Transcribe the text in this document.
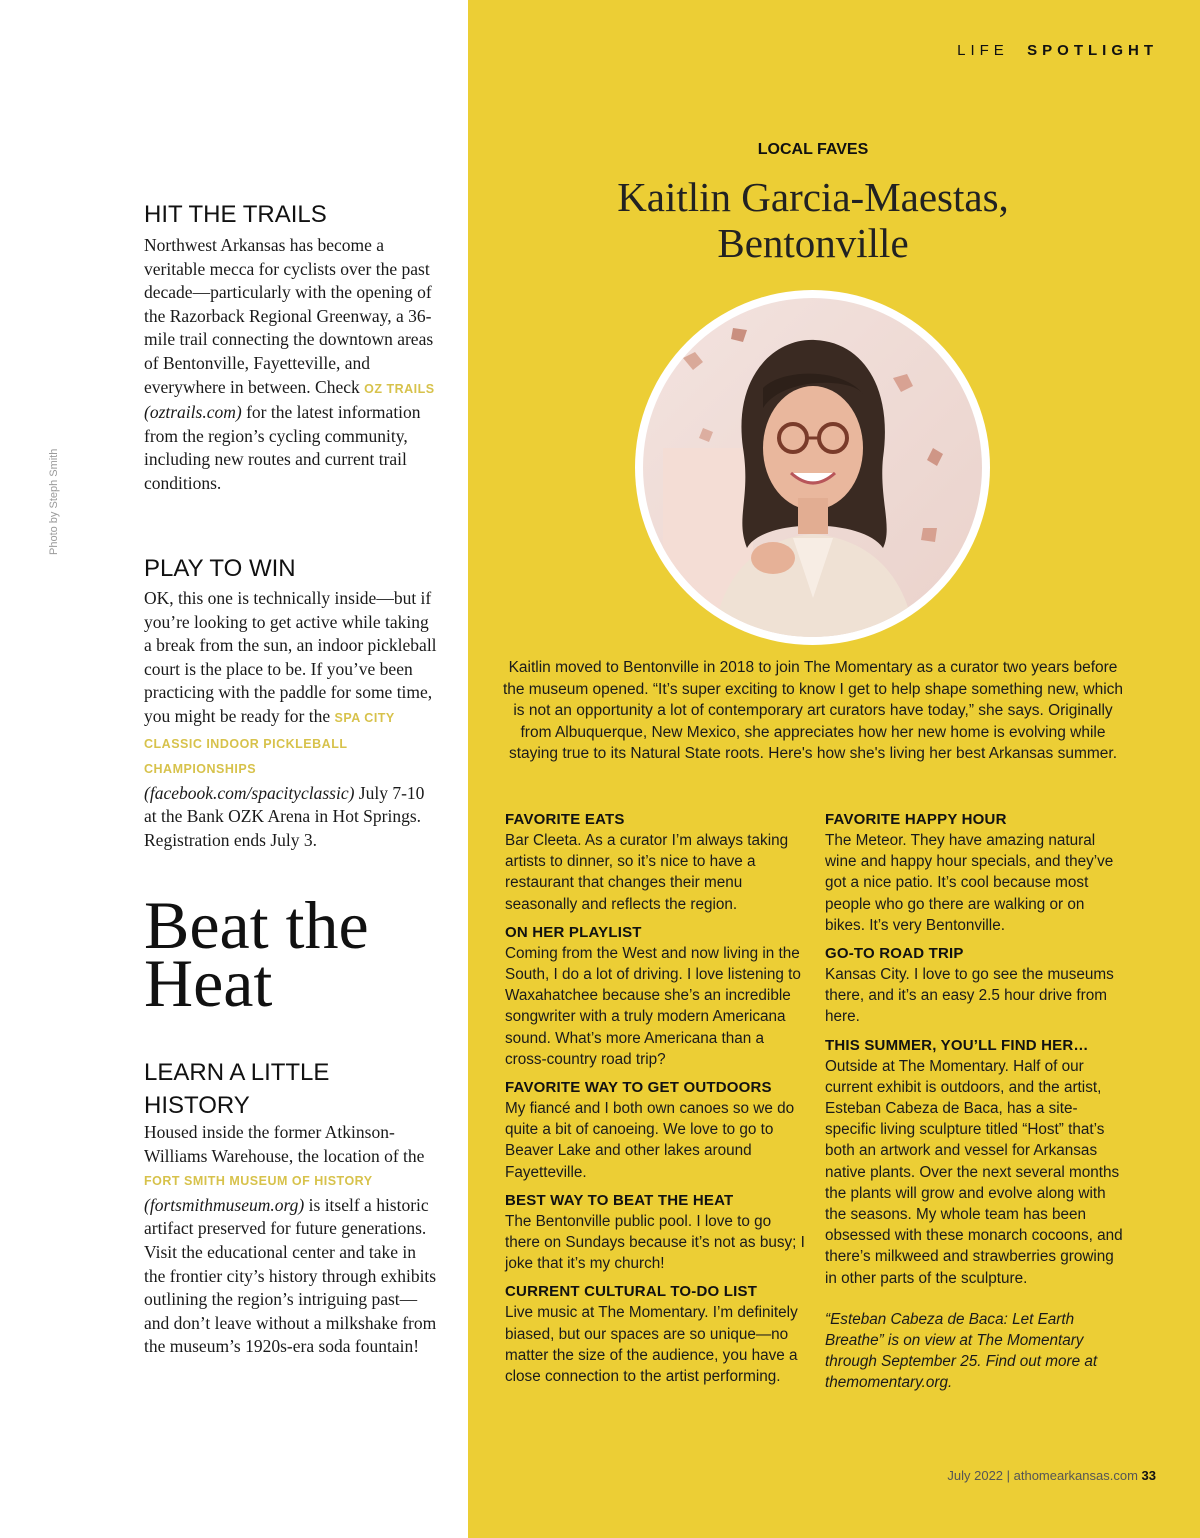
Photo by Steph Smith
HIT THE TRAILS

Northwest Arkansas has become a veritable mecca for cyclists over the past decade—particularly with the opening of the Razorback Regional Greenway, a 36-mile trail connecting the downtown areas of Bentonville, Fayetteville, and everywhere in between. Check OZ TRAILS (oztrails.com) for the latest information from the region’s cycling community, including new routes and current trail conditions.

PLAY TO WIN

OK, this one is technically inside—but if you’re looking to get active while taking a break from the sun, an indoor pickleball court is the place to be. If you’ve been practicing with the paddle for some time, you might be ready for the SPA CITY CLASSIC INDOOR PICKLEBALL CHAMPIONSHIPS (facebook.com/spacityclassic) July 7-10 at the Bank OZK Arena in Hot Springs. Registration ends July 3.

Beat the
Heat
LEARN A LITTLE
HISTORY

Housed inside the former Atkinson-Williams Warehouse, the location of the FORT SMITH MUSEUM OF HISTORY (fortsmithmuseum.org) is itself a historic artifact preserved for future generations. Visit the educational center and take in the frontier city’s history through exhibits outlining the region’s intriguing past—and don’t leave without a milkshake from the museum’s 1920s-era soda fountain!

LIFE SPOTLIGHT
LOCAL FAVES
Kaitlin Garcia-Maestas,
Bentonville

Kaitlin moved to Bentonville in 2018 to join The Momentary as a curator two years before the museum opened. “It’s super exciting to know I get to help shape something new, which is not an opportunity a lot of contemporary art curators have today,” she says. Originally from Albuquerque, New Mexico, she appreciates how her new home is evolving while staying true to its Natural State roots. Here's how she's living her best Arkansas summer.

FAVORITE EATS
Bar Cleeta. As a curator I’m always taking artists to dinner, so it’s nice to have a restaurant that changes their menu seasonally and reflects the region.
ON HER PLAYLIST
Coming from the West and now living in the South, I do a lot of driving. I love listening to Waxahatchee because she’s an incredible songwriter with a truly modern Americana sound. What’s more Americana than a cross-country road trip?
FAVORITE WAY TO GET OUTDOORS
My fiancé and I both own canoes so we do quite a bit of canoeing. We love to go to Beaver Lake and other lakes around Fayetteville.
BEST WAY TO BEAT THE HEAT
The Bentonville public pool. I love to go there on Sundays because it’s not as busy; I joke that it’s my church!
CURRENT CULTURAL TO-DO LIST
Live music at The Momentary. I’m definitely biased, but our spaces are so unique—no matter the size of the audience, you have a close connection to the artist performing.
FAVORITE HAPPY HOUR
The Meteor. They have amazing natural wine and happy hour specials, and they’ve got a nice patio. It’s cool because most people who go there are walking or on bikes. It’s very Bentonville.
GO-TO ROAD TRIP
Kansas City. I love to go see the museums there, and it’s an easy 2.5 hour drive from here.
THIS SUMMER, YOU’LL FIND HER…
Outside at The Momentary. Half of our current exhibit is outdoors, and the artist, Esteban Cabeza de Baca, has a site-specific living sculpture titled “Host” that’s both an artwork and vessel for Arkansas native plants. Over the next several months the plants will grow and evolve along with the seasons. My whole team has been obsessed with these monarch cocoons, and there’s milkweed and strawberries growing in other parts of the sculpture.
“Esteban Cabeza de Baca: Let Earth Breathe” is on view at The Momentary through September 25. Find out more at themomentary.org.
July 2022 | athomearkansas.com 33
